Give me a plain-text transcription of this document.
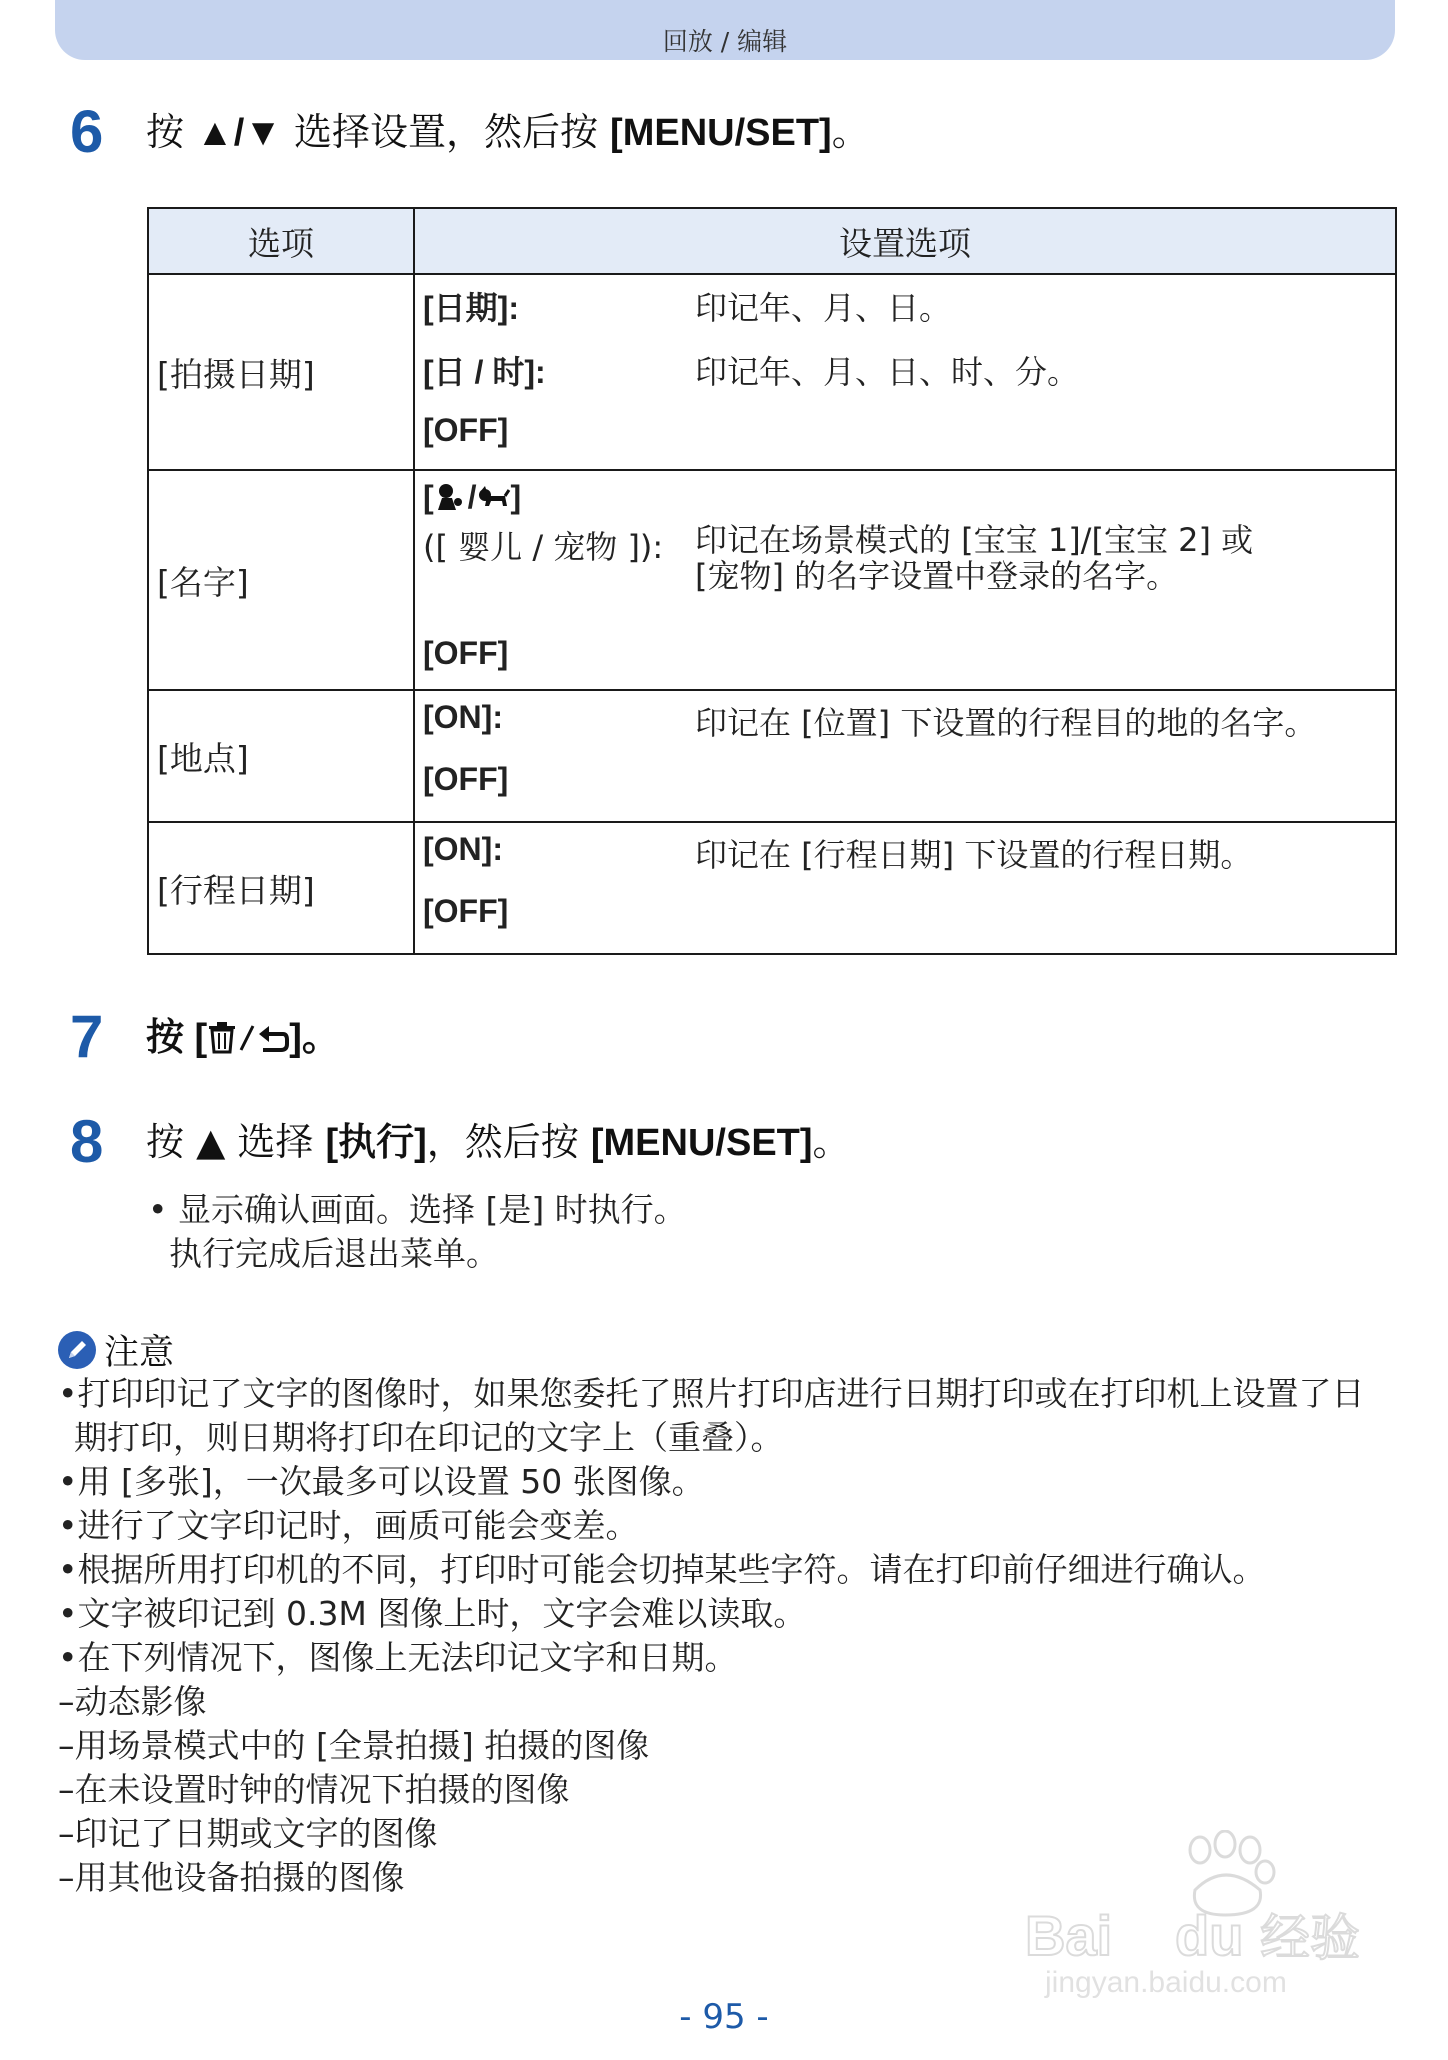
回放 / 编辑
6 按 ▲/▼ 选择设置，然后按 [MENU/SET]。
选项	设置选项
[拍摄日期]	[日期]: 印记年、月、日。
[日 / 时]: 印记年、月、日、时、分。
[OFF]

[名字]	[ / ]
([ 婴儿 / 宠物 ]): 印记在场景模式的 [宝宝 1]/[宝宝 2] 或 [宠物] 的名字设置中登录的名字。
[OFF]

[地点]	[ON]: 印记在 [位置] 下设置的行程目的地的名字。
[OFF]

[行程日期]	[ON]: 印记在 [行程日期] 下设置的行程日期。
[OFF]
7 按 [ ]。
8 按 ▲ 选择 [执行]，然后按 [MENU/SET]。
• 显示确认画面。选择 [是] 时执行。
执行完成后退出菜单。
注意
•打印印记了文字的图像时，如果您委托了照片打印店进行日期打印或在打印机上设置了日期打印，则日期将打印在印记的文字上（重叠）。
•用 [多张]，一次最多可以设置 50 张图像。
•进行了文字印记时，画质可能会变差。
•根据所用打印机的不同，打印时可能会切掉某些字符。请在打印前仔细进行确认。
•文字被印记到 0.3M 图像上时，文字会难以读取。
•在下列情况下，图像上无法印记文字和日期。
–动态影像
–用场景模式中的 [全景拍摄] 拍摄的图像
–在未设置时钟的情况下拍摄的图像
–印记了日期或文字的图像
–用其他设备拍摄的图像
Bai du 经验
jingyan.baidu.com
- 95 -
